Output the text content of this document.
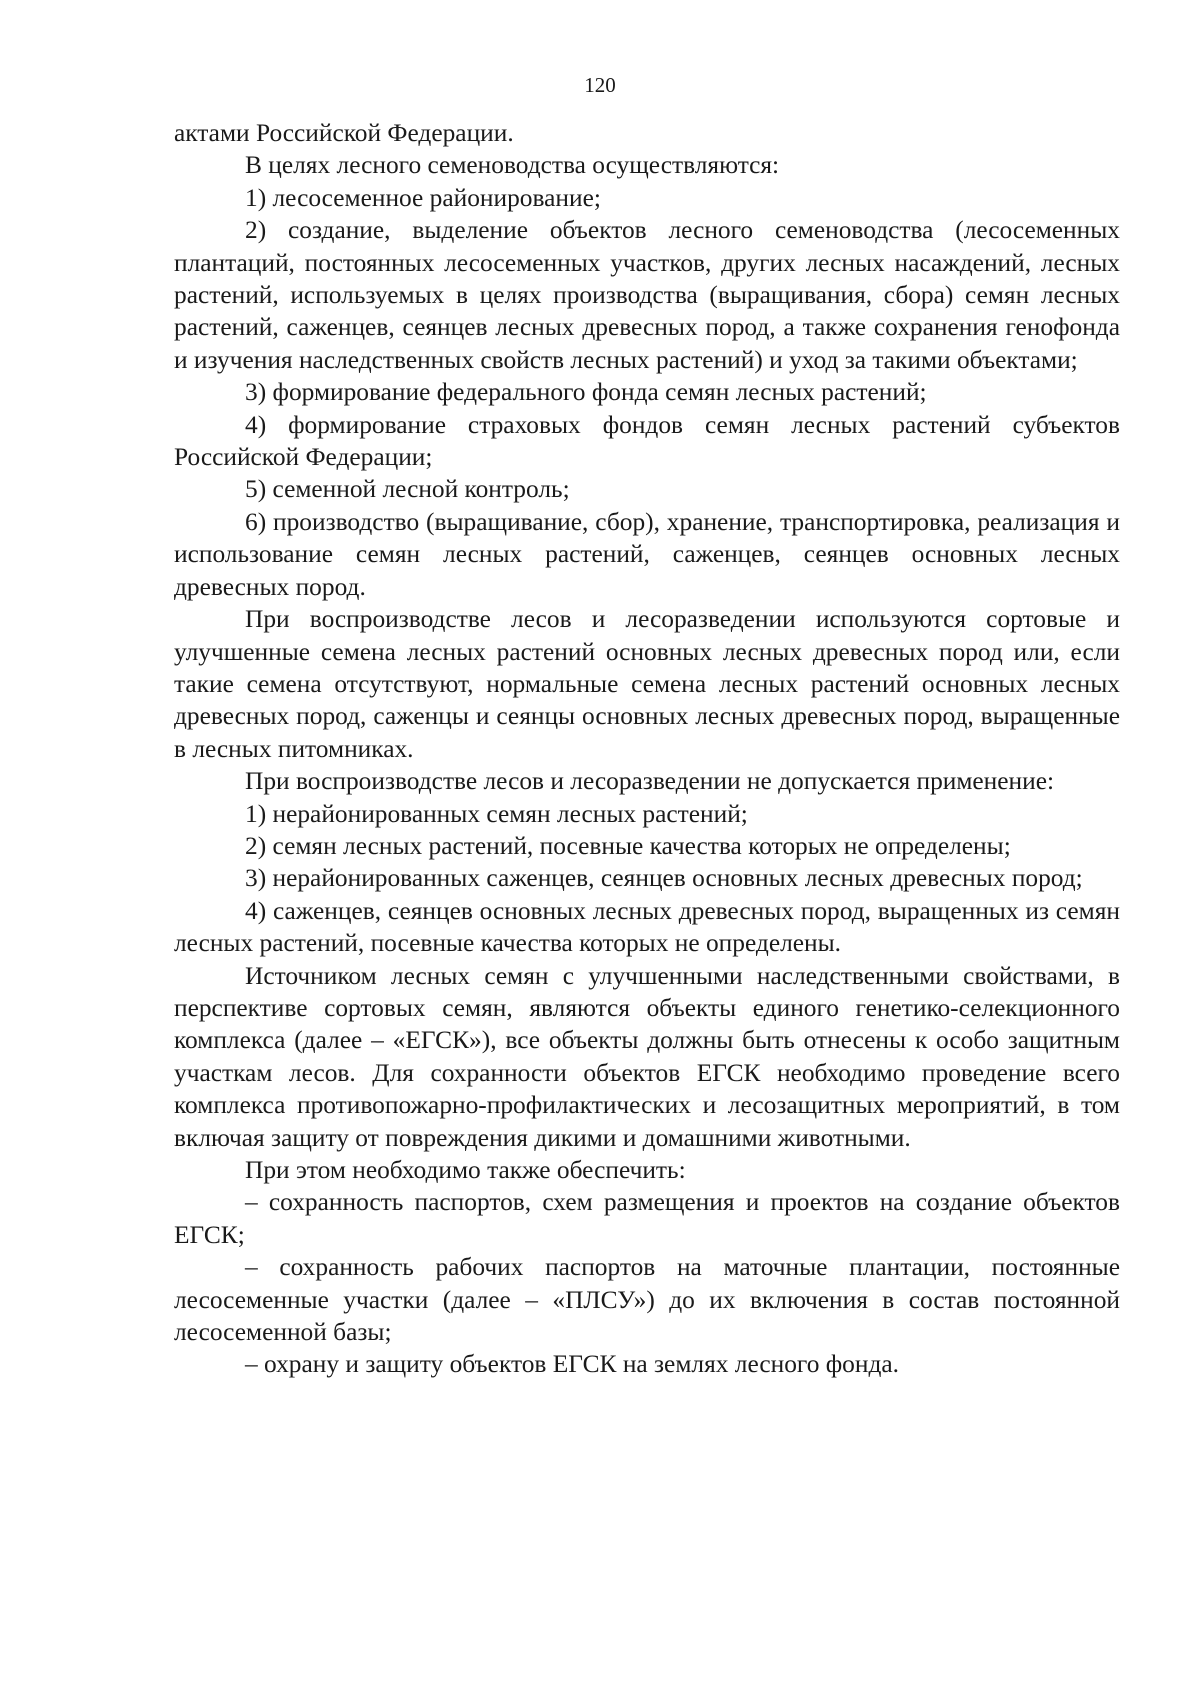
120

актами Российской Федерации.

В целях лесного семеноводства осуществляются:

1) лесосеменное районирование;

2) создание, выделение объектов лесного семеноводства (лесосеменных плантаций, постоянных лесосеменных участков, других лесных насаждений, лесных растений, используемых в целях производства (выращивания, сбора) семян лесных растений, саженцев, сеянцев лесных древесных пород, а также сохранения генофонда и изучения наследственных свойств лесных растений) и уход за такими объектами;

3) формирование федерального фонда семян лесных растений;

4) формирование страховых фондов семян лесных растений субъектов Российской Федерации;

5) семенной лесной контроль;

6) производство (выращивание, сбор), хранение, транспортировка, реализация и использование семян лесных растений, саженцев, сеянцев основных лесных древесных пород.

При воспроизводстве лесов и лесоразведении используются сортовые и улучшенные семена лесных растений основных лесных древесных пород или, если такие семена отсутствуют, нормальные семена лесных растений основных лесных древесных пород, саженцы и сеянцы основных лесных древесных пород, выращенные в лесных питомниках.

При воспроизводстве лесов и лесоразведении не допускается применение:

1) нерайонированных семян лесных растений;

2) семян лесных растений, посевные качества которых не определены;

3) нерайонированных саженцев, сеянцев основных лесных древесных пород;

4) саженцев, сеянцев основных лесных древесных пород, выращенных из семян лесных растений, посевные качества которых не определены.

Источником лесных семян с улучшенными наследственными свойствами, в перспективе сортовых семян, являются объекты единого генетико-селекционного комплекса (далее – «ЕГСК»), все объекты должны быть отнесены к особо защитным участкам лесов. Для сохранности объектов ЕГСК необходимо проведение всего комплекса противопожарно-профилактических и лесозащитных мероприятий, в том включая защиту от повреждения дикими и домашними животными.

При этом необходимо также обеспечить:

– сохранность паспортов, схем размещения и проектов на создание объектов ЕГСК;

– сохранность рабочих паспортов на маточные плантации, постоянные лесосеменные участки (далее – «ПЛСУ») до их включения в состав постоянной лесосеменной базы;

– охрану и защиту объектов ЕГСК на землях лесного фонда.
